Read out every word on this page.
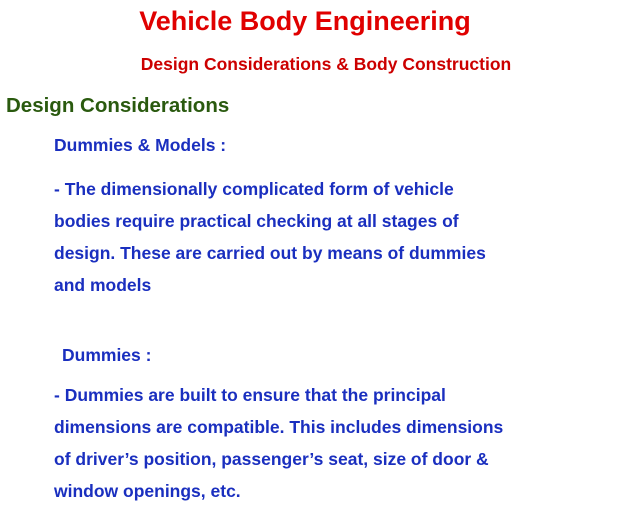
Vehicle Body Engineering
Design Considerations & Body Construction
Design Considerations
Dummies & Models :
- The dimensionally complicated form of vehicle
bodies require practical checking at all stages of
design. These are carried out by means of dummies
and models
Dummies :
- Dummies are built to ensure that the principal
dimensions are compatible. This includes dimensions
of driver’s position, passenger’s seat, size of door &
window openings, etc.
